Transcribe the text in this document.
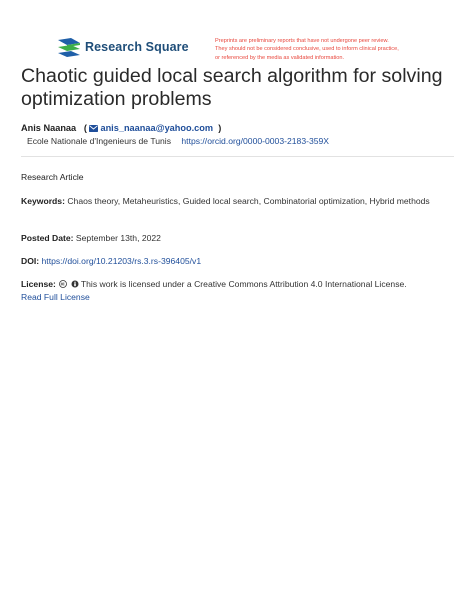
Research Square	Preprints are preliminary reports that have not undergone peer review.
They should not be considered conclusive, used to inform clinical practice,
or referenced by the media as validated information.
Chaotic guided local search algorithm for solving
optimization problems
Anis Naanaa   ( anis_naanaa@yahoo.com  )
Ecole Nationale d'Ingenieurs de Tunis https://orcid.org/0000-0003-2183-359X
Research Article
Keywords: Chaos theory, Metaheuristics, Guided local search, Combinatorial optimization, Hybrid methods
Posted Date: September 13th, 2022
DOI: https://doi.org/10.21203/rs.3.rs-396405/v1
License:	This work is licensed under a Creative Commons Attribution 4.0 International License.
Read Full License
